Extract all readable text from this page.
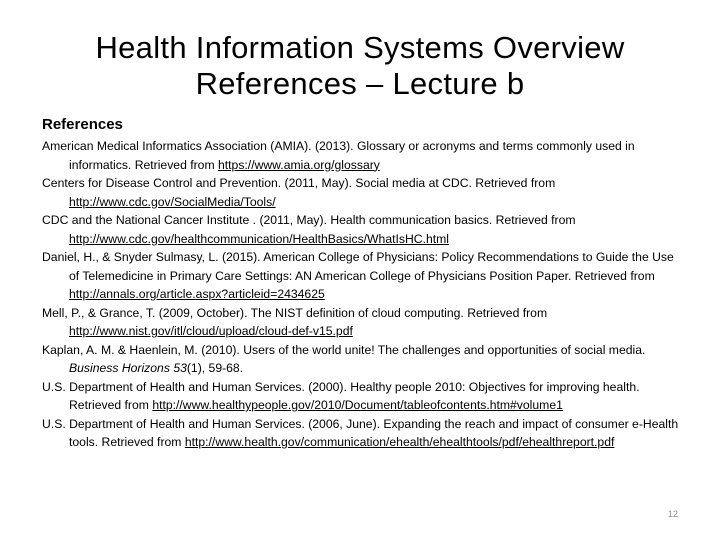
Health Information Systems Overview
References – Lecture b
References

American Medical Informatics Association (AMIA). (2013). Glossary or acronyms and terms commonly used in informatics. Retrieved from https://www.amia.org/glossary

Centers for Disease Control and Prevention. (2011, May). Social media at CDC. Retrieved from http://www.cdc.gov/SocialMedia/Tools/

CDC and the National Cancer Institute . (2011, May). Health communication basics. Retrieved from http://www.cdc.gov/healthcommunication/HealthBasics/WhatIsHC.html

Daniel, H., & Snyder Sulmasy, L. (2015). American College of Physicians: Policy Recommendations to Guide the Use of Telemedicine in Primary Care Settings: AN American College of Physicians Position Paper. Retrieved from http://annals.org/article.aspx?articleid=2434625

Mell, P., & Grance, T. (2009, October). The NIST definition of cloud computing. Retrieved from http://www.nist.gov/itl/cloud/upload/cloud-def-v15.pdf

Kaplan, A. M. & Haenlein, M. (2010). Users of the world unite! The challenges and opportunities of social media. Business Horizons 53(1), 59-68.

U.S. Department of Health and Human Services. (2000). Healthy people 2010: Objectives for improving health. Retrieved from http://www.healthypeople.gov/2010/Document/tableofcontents.htm#volume1

U.S. Department of Health and Human Services. (2006, June). Expanding the reach and impact of consumer e-Health tools. Retrieved from http://www.health.gov/communication/ehealth/ehealthtools/pdf/ehealthreport.pdf

12
